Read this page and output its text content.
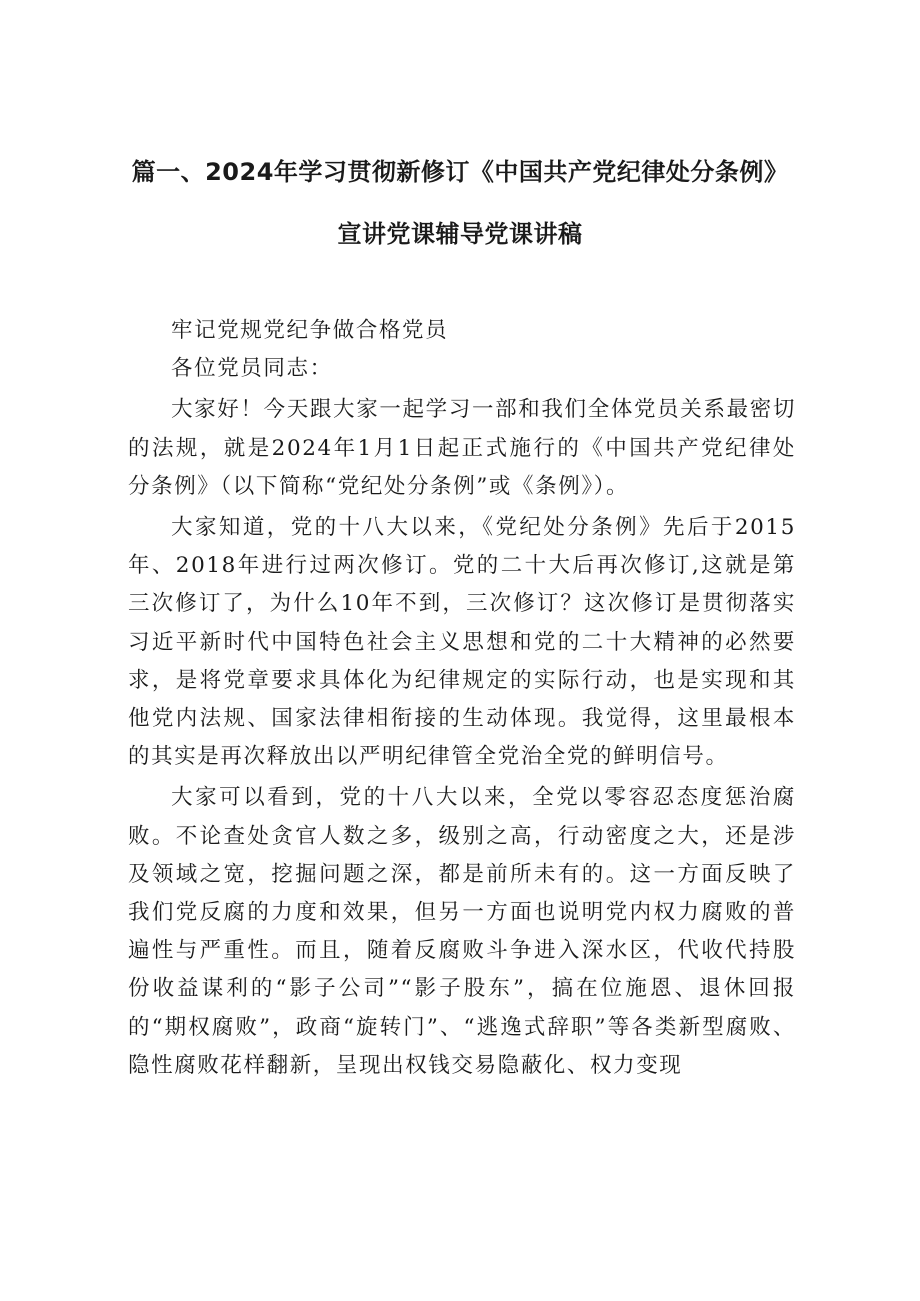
篇一、2024年学习贯彻新修订《中国共产党纪律处分条例》
宣讲党课辅导党课讲稿

牢记党规党纪争做合格党员

各位党员同志：

大家好！今天跟大家一起学习一部和我们全体党员关系最密切的法规，就是2024年1月1日起正式施行的《中国共产党纪律处分条例》（以下简称“党纪处分条例”或《条例》）。

大家知道，党的十八大以来，《党纪处分条例》先后于2015年、2018年进行过两次修订。党的二十大后再次修订,这就是第三次修订了，为什么10年不到，三次修订？这次修订是贯彻落实习近平新时代中国特色社会主义思想和党的二十大精神的必然要求，是将党章要求具体化为纪律规定的实际行动，也是实现和其他党内法规、国家法律相衔接的生动体现。我觉得，这里最根本的其实是再次释放出以严明纪律管全党治全党的鲜明信号。

大家可以看到，党的十八大以来，全党以零容忍态度惩治腐败。不论查处贪官人数之多，级别之高，行动密度之大，还是涉及领域之宽，挖掘问题之深，都是前所未有的。这一方面反映了我们党反腐的力度和效果，但另一方面也说明党内权力腐败的普遍性与严重性。而且，随着反腐败斗争进入深水区，代收代持股份收益谋利的“影子公司”“影子股东”，搞在位施恩、退休回报的“期权腐败”，政商“旋转门”、“逃逸式辞职”等各类新型腐败、隐性腐败花样翻新，呈现出权钱交易隐蔽化、权力变现
